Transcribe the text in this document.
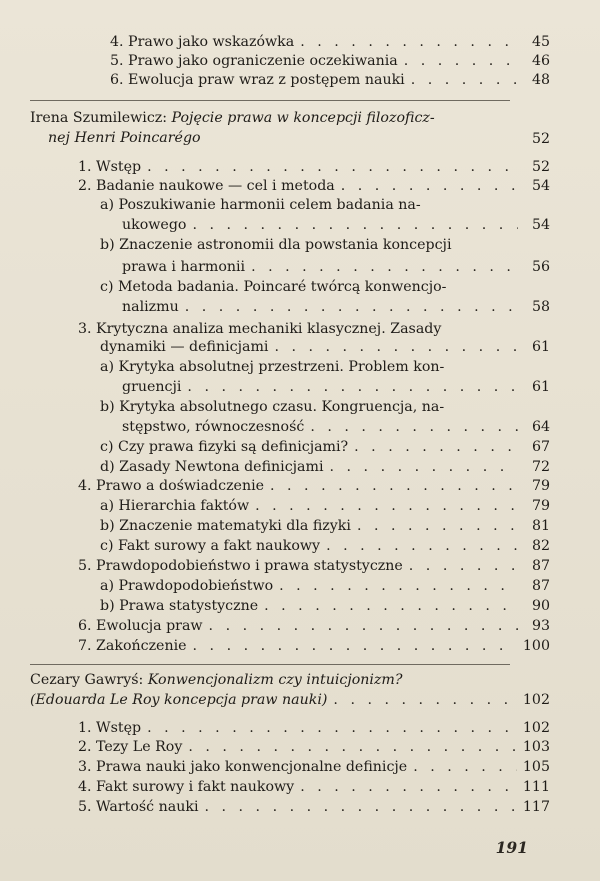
4. Prawo jako wskazówka . . .	45
5. Prawo jako ograniczenie oczekiwania . . .	46
6. Ewolucja praw wraz z postępem nauki . . .	48
Irena Szumilewicz: Pojęcie prawa w koncepcji filozoficz-
nej Henri Poincarégo	52
1. Wstęp . . .	52
2. Badanie naukowe — cel i metoda . . .	54
a) Poszukiwanie harmonii celem badania na-
ukowego . . .	54
b) Znaczenie astronomii dla powstania koncepcji
prawa i harmonii . . .	56
c) Metoda badania. Poincaré twórcą konwencjo-
nalizmu . . .	58
3. Krytyczna analiza mechaniki klasycznej. Zasady
dynamiki — definicjami . . .	61
a) Krytyka absolutnej przestrzeni. Problem kon-
gruencji . . .	61
b) Krytyka absolutnego czasu. Kongruencja, na-
stępstwo, równoczesność . . .	64
c) Czy prawa fizyki są definicjami? . . .	67
d) Zasady Newtona definicjami . . .	72
4. Prawo a doświadczenie . . .	79
a) Hierarchia faktów . . .	79
b) Znaczenie matematyki dla fizyki . . .	81
c) Fakt surowy a fakt naukowy . . .	82
5. Prawdopodobieństwo i prawa statystyczne . . .	87
a) Prawdopodobieństwo . . .	87
b) Prawa statystyczne . . .	90
6. Ewolucja praw . . .	93
7. Zakończenie . . .	100
Cezary Gawryś: Konwencjonalizm czy intuicjonizm?
(Edouarda Le Roy koncepcja praw nauki) . . .	102
1. Wstęp . . .	102
2. Tezy Le Roy . . .	103
3. Prawa nauki jako konwencjonalne definicje . . .	105
4. Fakt surowy i fakt naukowy . . .	111
5. Wartość nauki . . .	117
191
